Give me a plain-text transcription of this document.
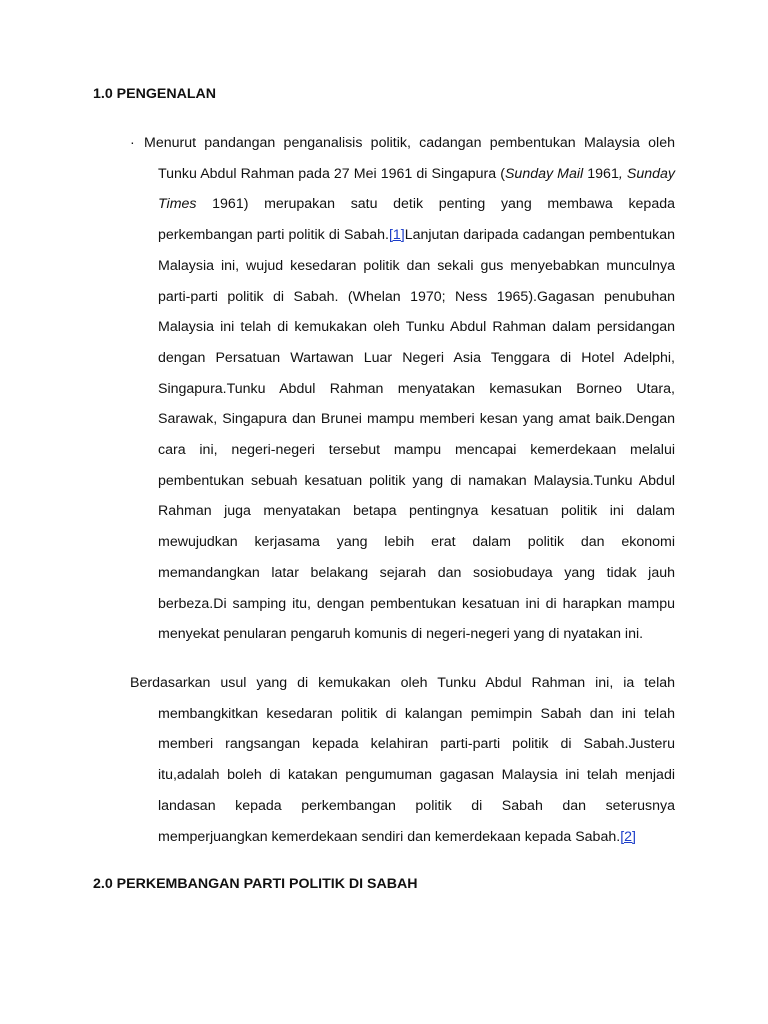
1.0 PENGENALAN

· Menurut pandangan penganalisis politik, cadangan pembentukan Malaysia oleh Tunku Abdul Rahman pada 27 Mei 1961 di Singapura (Sunday Mail 1961, Sunday Times 1961) merupakan satu detik penting yang membawa kepada perkembangan parti politik di Sabah.[1]Lanjutan daripada cadangan pembentukan Malaysia ini, wujud kesedaran politik dan sekali gus menyebabkan munculnya parti-parti politik di Sabah. (Whelan 1970; Ness 1965).Gagasan penubuhan Malaysia ini telah di kemukakan oleh Tunku Abdul Rahman dalam persidangan dengan Persatuan Wartawan Luar Negeri Asia Tenggara di Hotel Adelphi, Singapura.Tunku Abdul Rahman menyatakan kemasukan Borneo Utara, Sarawak, Singapura dan Brunei mampu memberi kesan yang amat baik.Dengan cara ini, negeri-negeri tersebut mampu mencapai kemerdekaan melalui pembentukan sebuah kesatuan politik yang di namakan Malaysia.Tunku Abdul Rahman juga menyatakan betapa pentingnya kesatuan politik ini dalam mewujudkan kerjasama yang lebih erat dalam politik dan ekonomi memandangkan latar belakang sejarah dan sosiobudaya yang tidak jauh berbeza.Di samping itu, dengan pembentukan kesatuan ini di harapkan mampu menyekat penularan pengaruh komunis di negeri-negeri yang di nyatakan ini.

Berdasarkan usul yang di kemukakan oleh Tunku Abdul Rahman ini, ia telah membangkitkan kesedaran politik di kalangan pemimpin Sabah dan ini telah memberi rangsangan kepada kelahiran parti-parti politik di Sabah.Justeru itu,adalah boleh di katakan pengumuman gagasan Malaysia ini telah menjadi landasan kepada perkembangan politik di Sabah dan seterusnya memperjuangkan kemerdekaan sendiri dan kemerdekaan kepada Sabah.[2]

2.0 PERKEMBANGAN PARTI POLITIK DI SABAH
